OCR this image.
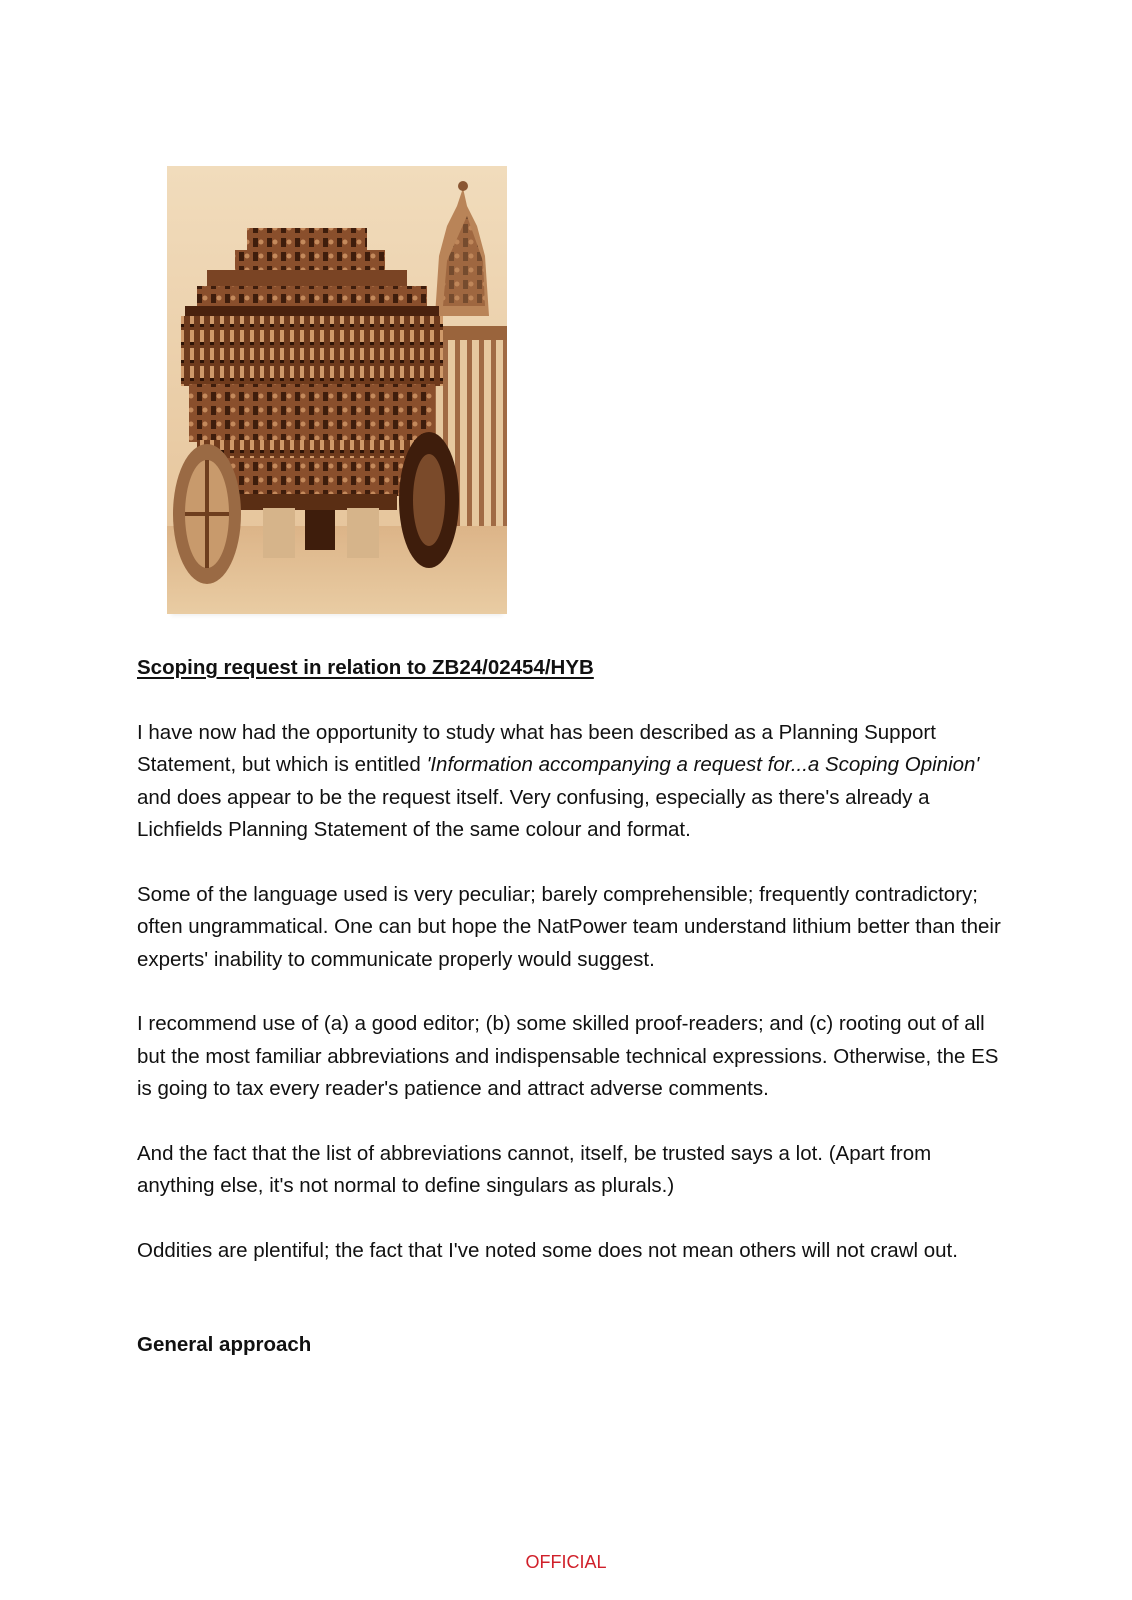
Scoping request in relation to ZB24/02454/HYB

I have now had the opportunity to study what has been described as a Planning Support Statement, but which is entitled 'Information accompanying a request for...a Scoping Opinion' and does appear to be the request itself. Very confusing, especially as there's already a Lichfields Planning Statement of the same colour and format.

Some of the language used is very peculiar; barely comprehensible; frequently contradictory; often ungrammatical. One can but hope the NatPower team understand lithium better than their experts' inability to communicate properly would suggest.

I recommend use of (a) a good editor; (b) some skilled proof-readers; and (c) rooting out of all but the most familiar abbreviations and indispensable technical expressions. Otherwise, the ES is going to tax every reader's patience and attract adverse comments.

And the fact that the list of abbreviations cannot, itself, be trusted says a lot. (Apart from anything else, it's not normal to define singulars as plurals.)

Oddities are plentiful; the fact that I've noted some does not mean others will not crawl out.

General approach
OFFICIAL
